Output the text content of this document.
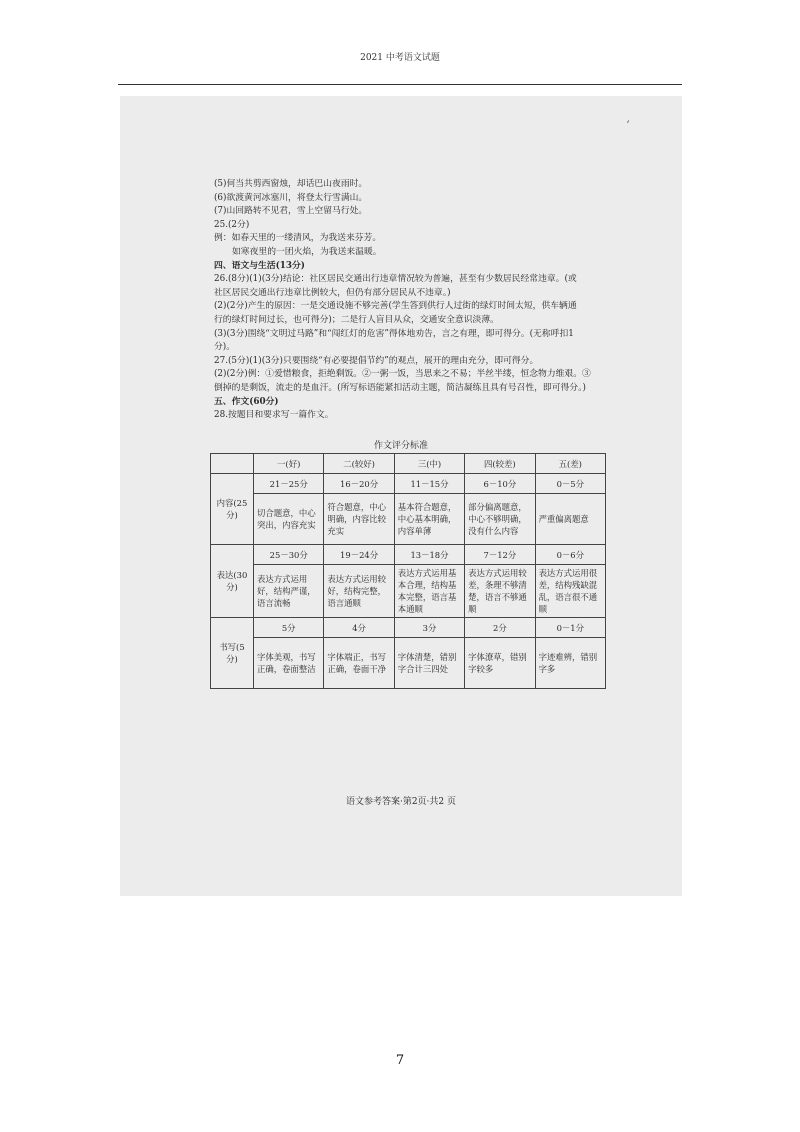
2021 中考语文试题
‘
(5)何当共剪西窗烛，却话巴山夜雨时。
(6)欲渡黄河冰塞川，将登太行雪满山。
(7)山回路转不见君，雪上空留马行处。
25.(2分)
例：如春天里的一缕清风，为我送来芬芳。
如寒夜里的一团火焰，为我送来温暖。
四、语文与生活(13分)
26.(8分)(1)(3分)结论：社区居民交通出行违章情况较为普遍，甚至有少数居民经常违章。(或
社区居民交通出行违章比例较大，但仍有部分居民从不违章。)
(2)(2分)产生的原因：一是交通设施不够完善(学生答到供行人过街的绿灯时间太短，供车辆通
行的绿灯时间过长，也可得分)；二是行人盲目从众，交通安全意识淡薄。
(3)(3分)围绕“文明过马路”和“闯红灯的危害”得体地劝告，言之有理，即可得分。(无称呼扣1
分)。
27.(5分)(1)(3分)只要围绕“有必要提倡节约”的观点，展开的理由充分，即可得分。
(2)(2分)例：①爱惜粮食，拒绝剩饭。②一粥一饭，当思来之不易；半丝半缕，恒念物力维艰。③
倒掉的是剩饭，流走的是血汗。(所写标语能紧扣活动主题，简洁凝练且具有号召性，即可得分。)
五、作文(60分)
28.按题目和要求写一篇作文。
作文评分标准
	一(好)	二(较好)	三(中)	四(较差)	五(差)
内容(25分)	21－25分	16－20分	11－15分	6－10分	0－5分
	切合题意，中心突出，内容充实	符合题意，中心明确，内容比较充实	基本符合题意，中心基本明确，内容单薄	部分偏离题意，中心不够明确，没有什么内容	严重偏离题意
表达(30分)	25－30分	19－24分	13－18分	7－12分	0－6分
	表达方式运用好，结构严谨，语言流畅	表达方式运用较好，结构完整，语言通顺	表达方式运用基本合理，结构基本完整，语言基本通顺	表达方式运用较差，条理不够清楚，语言不够通顺	表达方式运用很差，结构残缺混乱，语言很不通顺
书写(5分)	5分	4分	3分	2分	0－1分
	字体美观，书写正确，卷面整洁	字体端正，书写正确，卷面干净	字体清楚，错别字合计三四处	字体潦草，错别字较多	字迹难辨，错别字多
语文参考答案·第2页·共2 页
7
